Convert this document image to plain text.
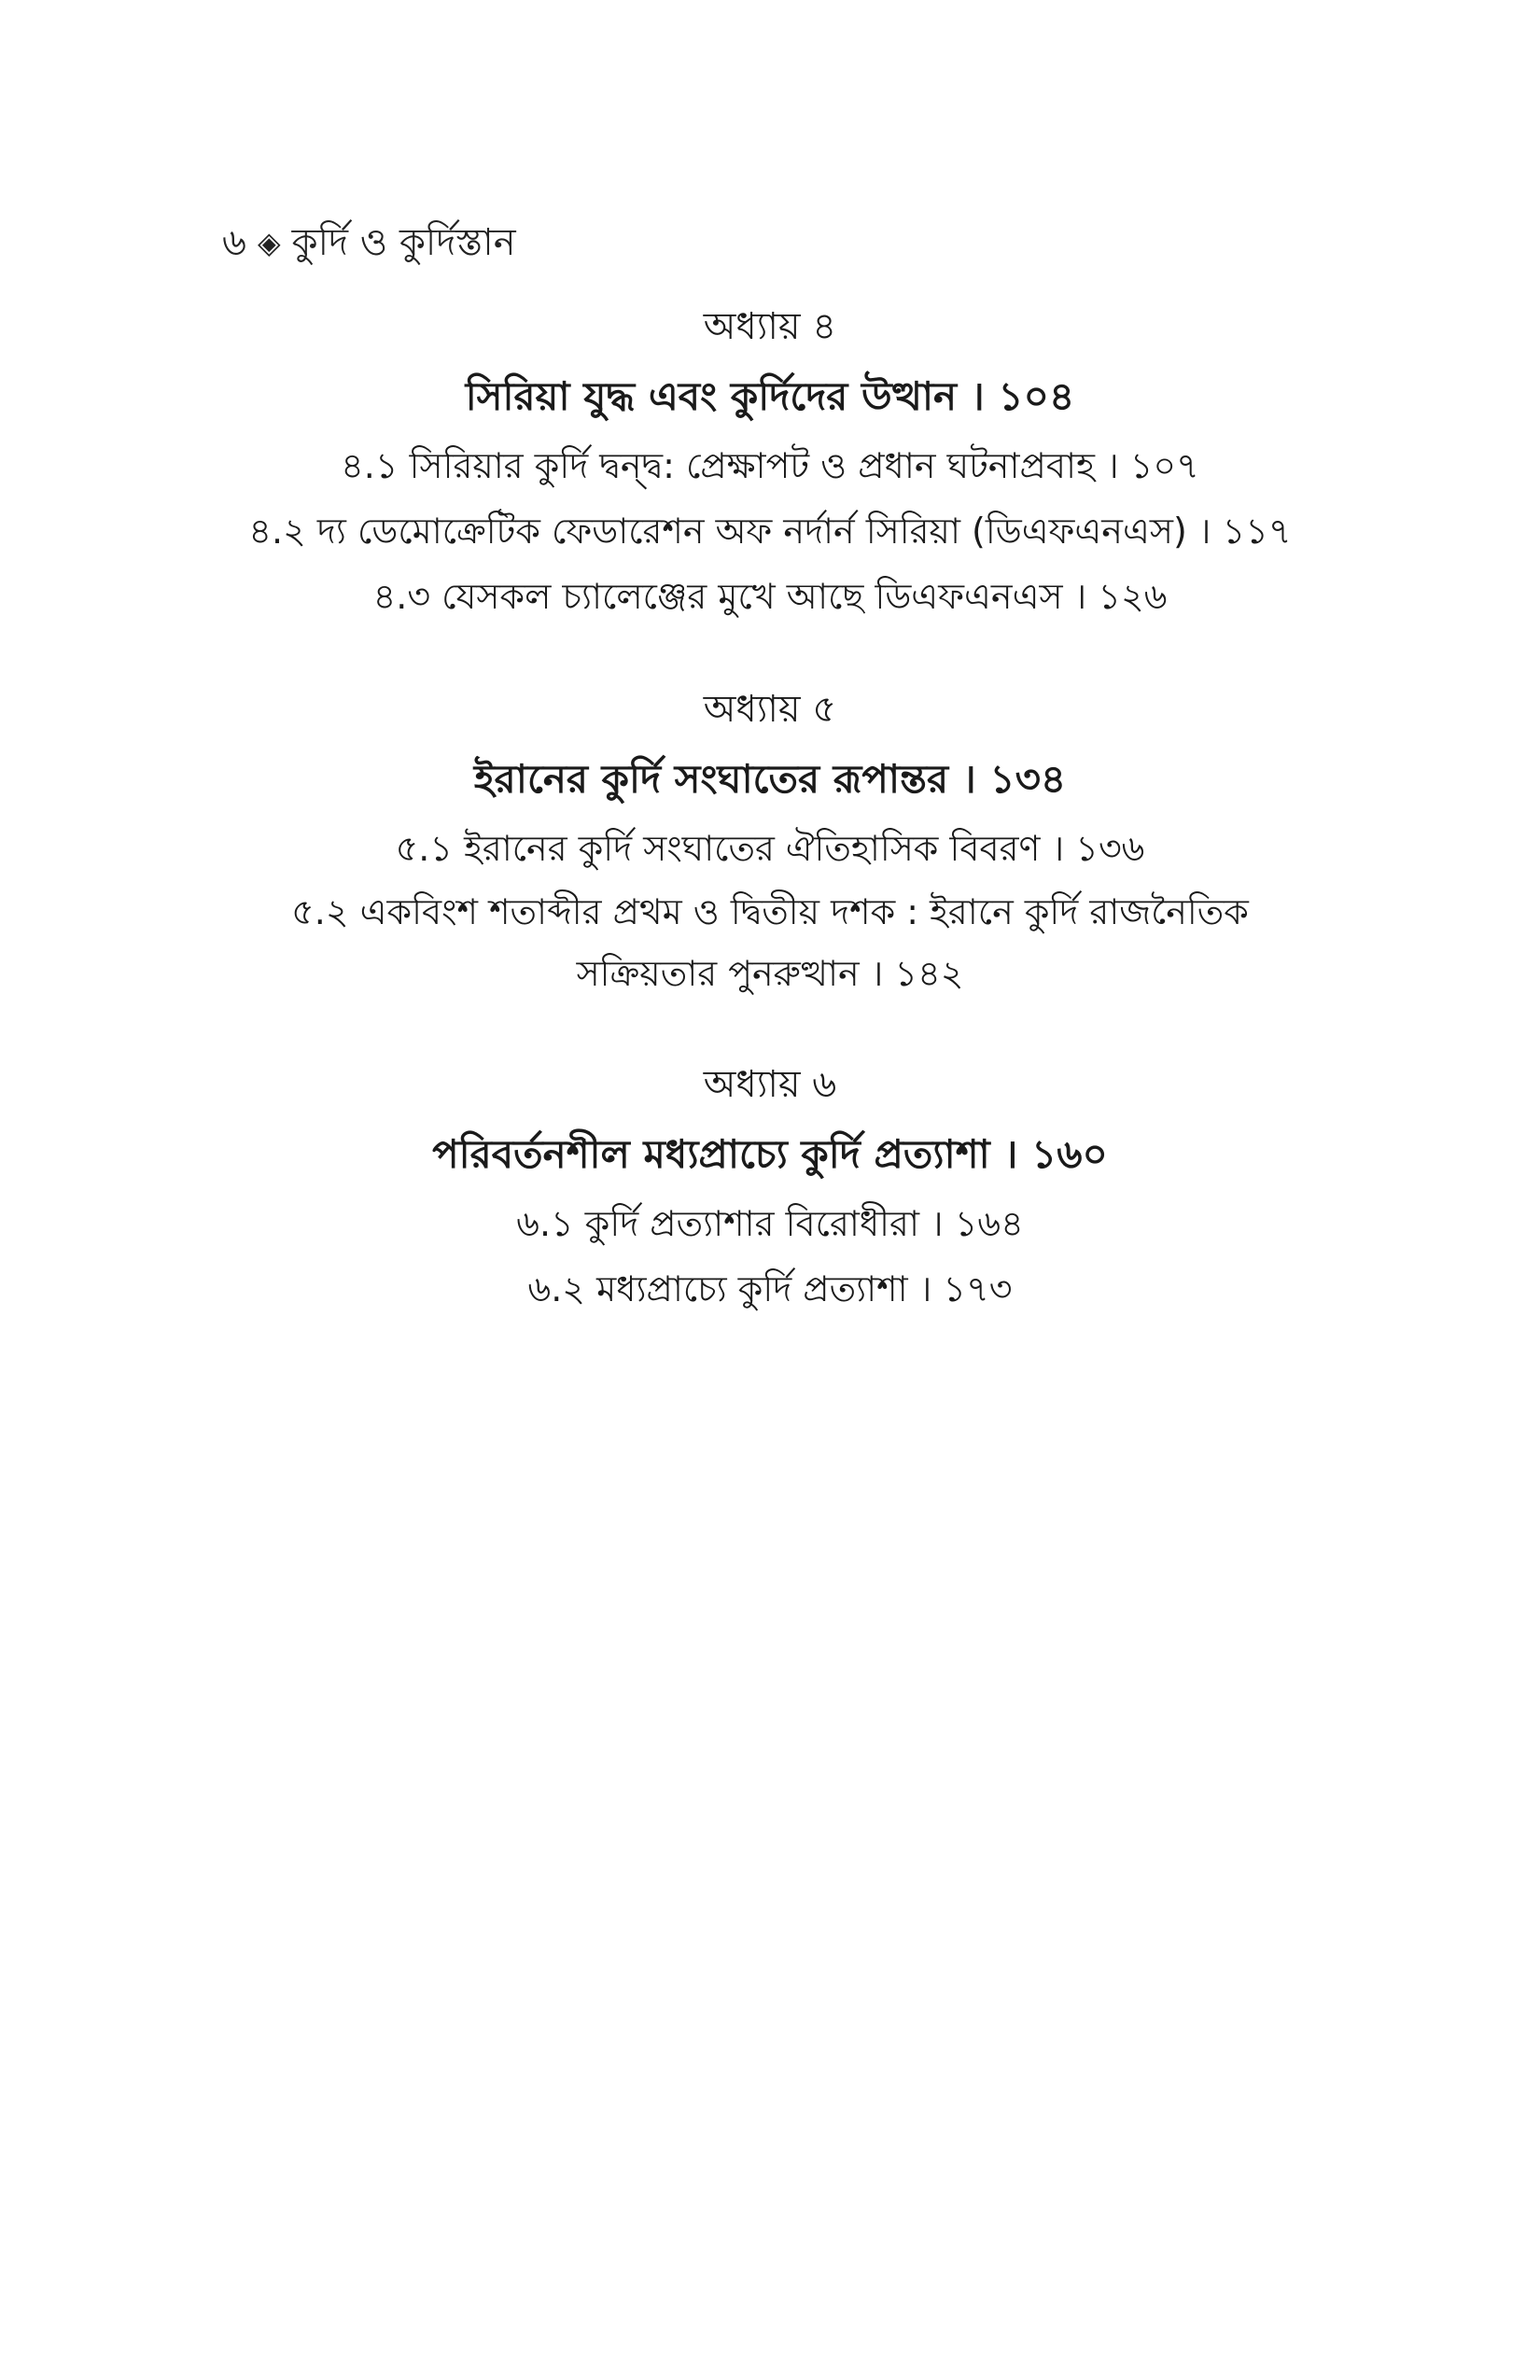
৬ ◈ কুর্দি ও কুর্দিস্তান
অধ্যায় ৪
সিরিয়া যুদ্ধ এবং কুর্দিদের উত্থান । ১০৪

৪.১ সিরিয়ার কুর্দি দ্বন্দ্ব: প্রেক্ষাপট ও প্রধান ঘটনাপ্রবাহ । ১০৭

৪.২ দ্য ডেমোক্রেটিক ফেডারেশন অফ নর্দার্ন সিরিয়া (ডিএফএনএস) । ১১৭

৪.৩ যেসকল চ্যালেঞ্জের মুখে আছে ডিএফএনএস । ১২৬

অধ্যায় ৫
ইরানের কুর্দি সংঘাতের রূপান্তর । ১৩৪

৫.১ ইরানের কুর্দি সংঘাতের ঐতিহাসিক বিবরণ । ১৩৬

৫.২ একবিংশ শতাব্দীর প্রথম ও দ্বিতীয় দশক : ইরানে কুর্দি রাজনৈতিক সক্রিয়তার পুনরুত্থান । ১৪২

অধ্যায় ৬
পরিবর্তনশীল মধ্যপ্রাচ্যে কুর্দি প্রত্যাশা । ১৬০

৬.১ কুর্দি প্রত্যাশার বিরোধীরা । ১৬৪

৬.২ মধ্যপ্রাচ্যে কুর্দি প্রত্যাশা । ১৭৩
